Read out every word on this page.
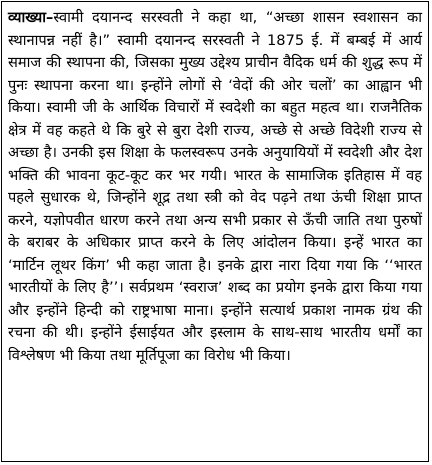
व्याख्या–स्वामी दयानन्द सरस्वती ने कहा था, “अच्छा शासन स्वशासन का स्थानापन्न नहीं है।” स्वामी दयानन्द सरस्वती ने 1875 ई. में बम्बई में आर्य समाज की स्थापना की, जिसका मुख्य उद्देश्य प्राचीन वैदिक धर्म की शुद्ध रूप में पुनः स्थापना करना था। इन्होंने लोगों से ‘वेदों की ओर चलों’ का आह्वान भी किया। स्वामी जी के आर्थिक विचारों में स्वदेशी का बहुत महत्व था। राजनैतिक क्षेत्र में वह कहते थे कि बुरे से बुरा देशी राज्य, अच्छे से अच्छे विदेशी राज्य से अच्छा है। उनकी इस शिक्षा के फलस्वरूप उनके अनुयायियों में स्वदेशी और देश भक्ति की भावना कूट-कूट कर भर गयी। भारत के सामाजिक इतिहास में वह पहले सुधारक थे, जिन्होंने शूद्र तथा स्त्री को वेद पढ़ने तथा ऊंची शिक्षा प्राप्त करने, यज्ञोपवीत धारण करने तथा अन्य सभी प्रकार से ऊँची जाति तथा पुरुषों के बराबर के अधिकार प्राप्त करने के लिए आंदोलन किया। इन्हें भारत का ‘मार्टिन लूथर किंग’ भी कहा जाता है। इनके द्वारा नारा दिया गया कि ‘‘भारत भारतीयों के लिए है’’। सर्वप्रथम ‘स्वराज’ शब्द का प्रयोग इनके द्वारा किया गया और इन्होंने हिन्दी को राष्ट्रभाषा माना। इन्होंने सत्यार्थ प्रकाश नामक ग्रंथ की रचना की थी। इन्होंने ईसाईयत और इस्लाम के साथ-साथ भारतीय धर्मों का विश्लेषण भी किया तथा मूर्तिपूजा का विरोध भी किया।
